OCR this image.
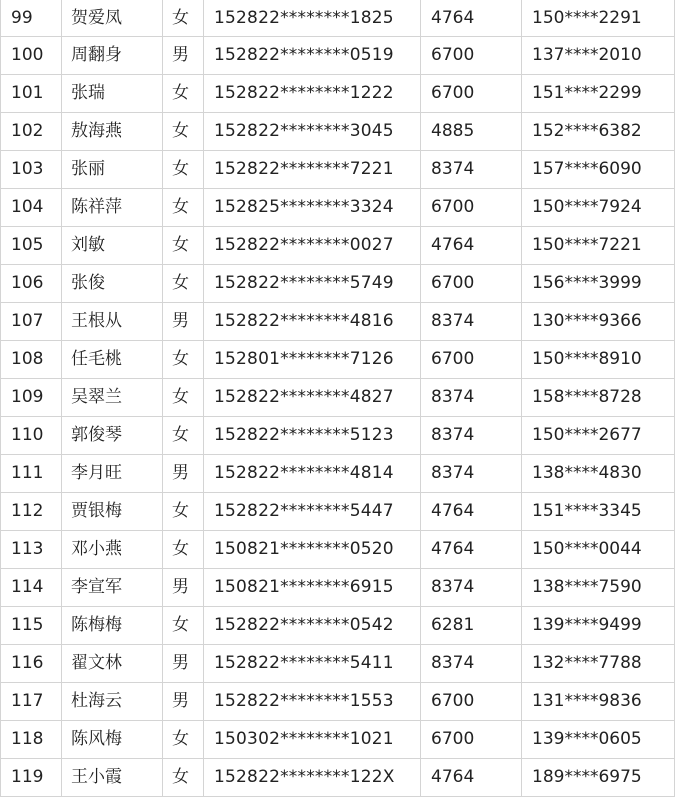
99	贺爱凤	女	152822********1825	4764	150****2291
100	周翻身	男	152822********0519	6700	137****2010
101	张瑞	女	152822********1222	6700	151****2299
102	敖海燕	女	152822********3045	4885	152****6382
103	张丽	女	152822********7221	8374	157****6090
104	陈祥萍	女	152825********3324	6700	150****7924
105	刘敏	女	152822********0027	4764	150****7221
106	张俊	女	152822********5749	6700	156****3999
107	王根从	男	152822********4816	8374	130****9366
108	任毛桃	女	152801********7126	6700	150****8910
109	吴翠兰	女	152822********4827	8374	158****8728
110	郭俊琴	女	152822********5123	8374	150****2677
111	李月旺	男	152822********4814	8374	138****4830
112	贾银梅	女	152822********5447	4764	151****3345
113	邓小燕	女	150821********0520	4764	150****0044
114	李宣军	男	150821********6915	8374	138****7590
115	陈梅梅	女	152822********0542	6281	139****9499
116	翟文林	男	152822********5411	8374	132****7788
117	杜海云	男	152822********1553	6700	131****9836
118	陈风梅	女	150302********1021	6700	139****0605
119	王小霞	女	152822********122X	4764	189****6975
